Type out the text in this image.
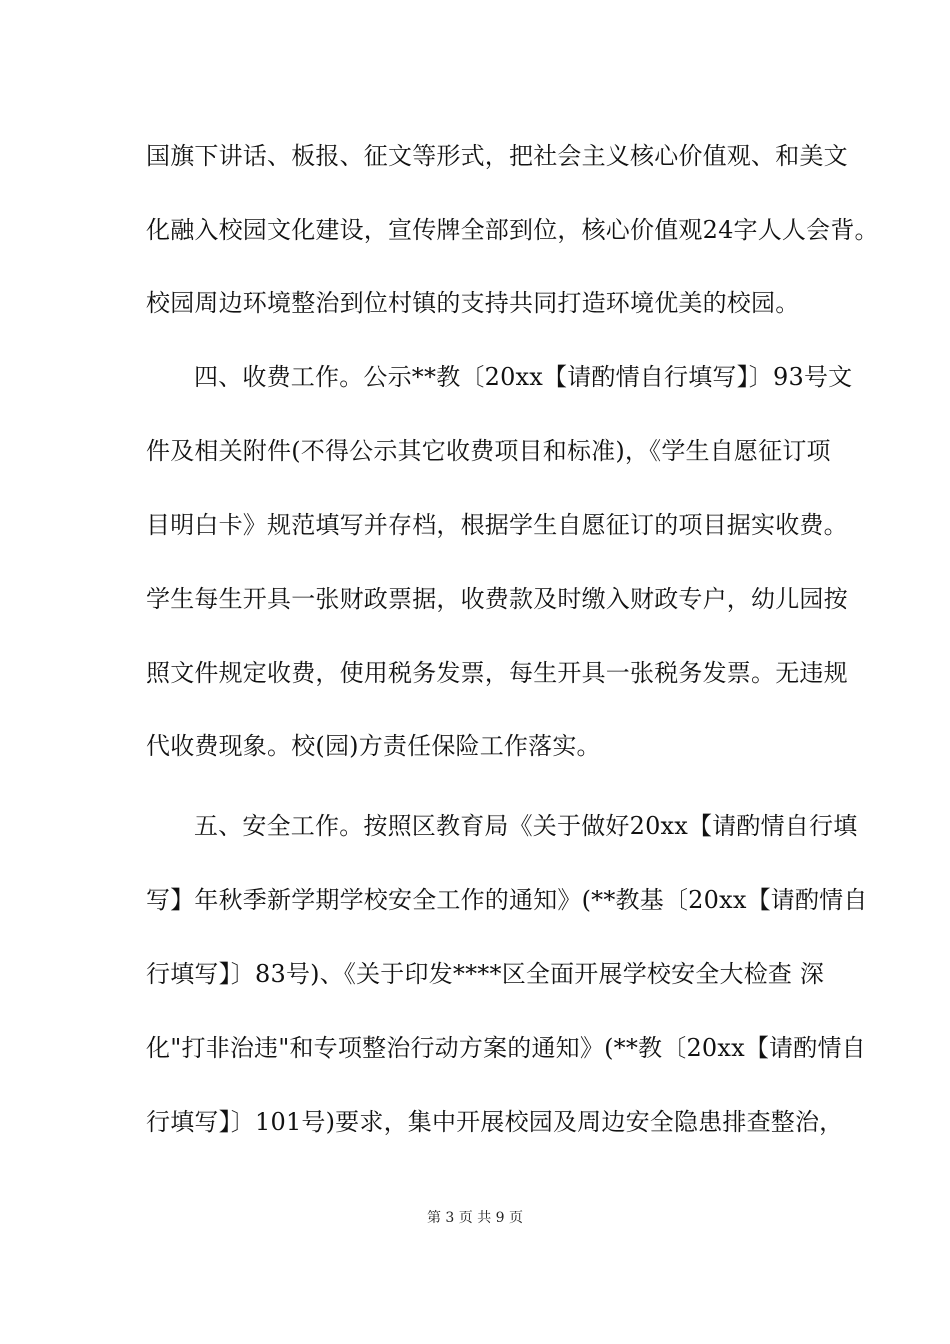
国旗下讲话、板报、征文等形式，把社会主义核心价值观、和美文
化融入校园文化建设，宣传牌全部到位，核心价值观24字人人会背。
校园周边环境整治到位村镇的支持共同打造环境优美的校园。
四、收费工作。公示**教〔20xx【请酌情自行填写】〕93号文
件及相关附件(不得公示其它收费项目和标准)，《学生自愿征订项
目明白卡》规范填写并存档，根据学生自愿征订的项目据实收费。
学生每生开具一张财政票据，收费款及时缴入财政专户，幼儿园按
照文件规定收费，使用税务发票，每生开具一张税务发票。无违规
代收费现象。校(园)方责任保险工作落实。
五、安全工作。按照区教育局《关于做好20xx【请酌情自行填
写】年秋季新学期学校安全工作的通知》(**教基〔20xx【请酌情自
行填写】〕83号)、《关于印发****区全面开展学校安全大检查 深
化"打非治违"和专项整治行动方案的通知》(**教〔20xx【请酌情自
行填写】〕101号)要求，集中开展校园及周边安全隐患排查整治，
第 3 页 共 9 页
